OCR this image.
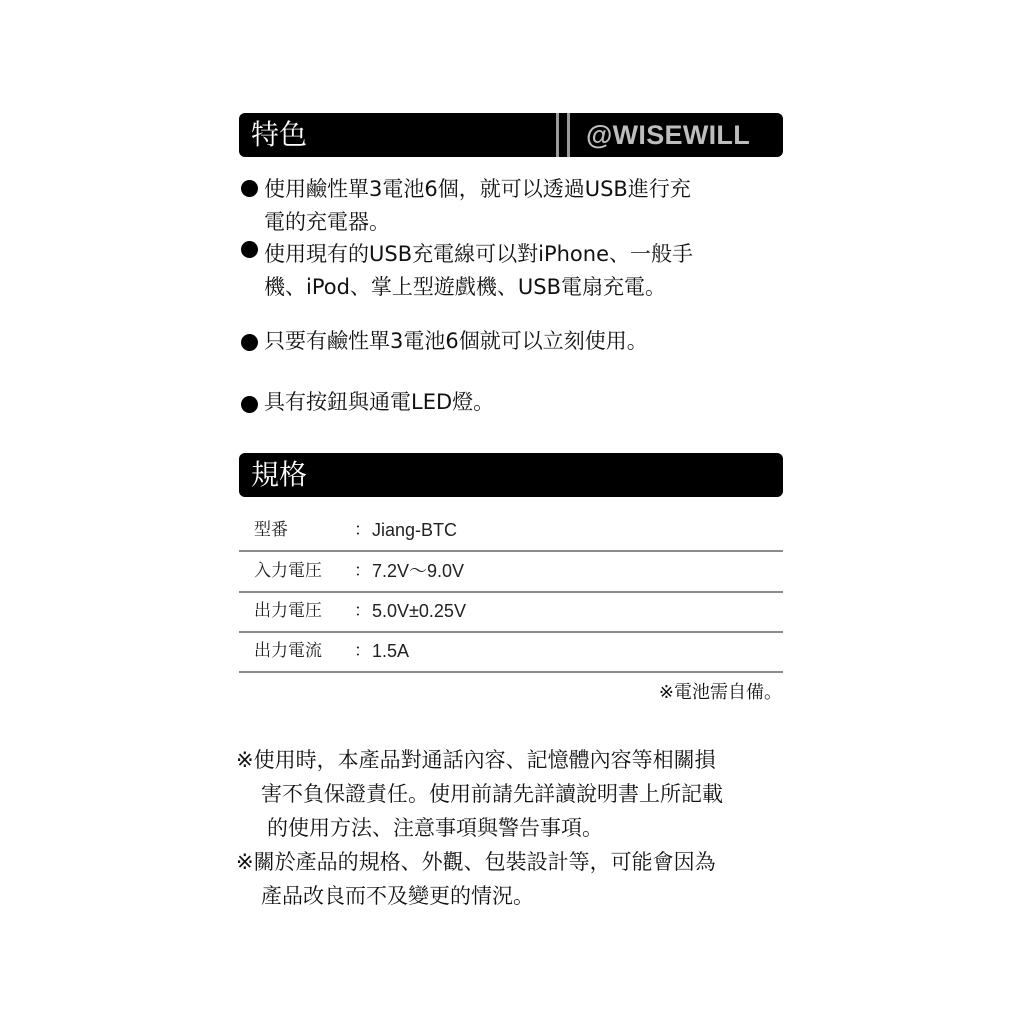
特色	@WISEWILL
使用鹼性單3電池6個，就可以透過USB進行充
電的充電器。
使用現有的USB充電線可以對iPhone、一般手
機、iPod、掌上型遊戲機、USB電扇充電。
只要有鹼性單3電池6個就可以立刻使用。
具有按鈕與通電LED燈。
規格
型番	： Jiang-BTC
入力電圧 ： 7.2V〜9.0V
出力電圧 ： 5.0V±0.25V
出力電流 ： 1.5A
※電池需自備。
※使用時，本產品對通話內容、記憶體內容等相關損
害不負保證責任。使用前請先詳讀說明書上所記載
的使用方法、注意事項與警告事項。
※關於產品的規格、外觀、包裝設計等，可能會因為
產品改良而不及變更的情況。
